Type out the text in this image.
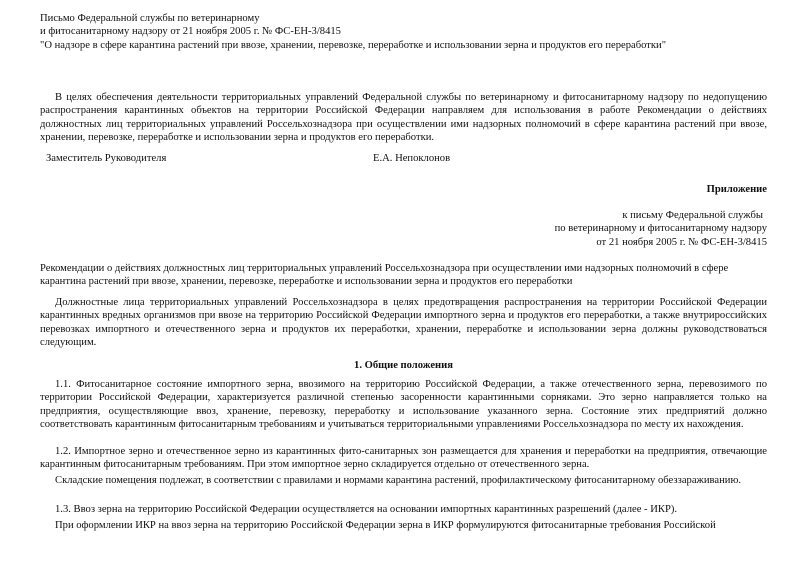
Письмо Федеральной службы по ветеринарному
и фитосанитарному надзору от 21 ноября 2005 г. № ФС-ЕН-3/8415
"О надзоре в сфере карантина растений при ввозе, хранении, перевозке, переработке и использовании зерна и продуктов его переработки"

В целях обеспечения деятельности территориальных управлений Федеральной службы по ветеринарному и фитосанитарному надзору по недопущению распространения карантинных объектов на территории Российской Федерации направляем для использования в работе Рекомендации о действиях должностных лиц территориальных управлений Россельхознадзора при осуществлении ими надзорных полномочий в сфере карантина растений при ввозе, хранении, перевозке, переработке и использовании зерна и продуктов его переработки.

Заместитель Руководителя	Е.А. Непоклонов
Приложение
к письму Федеральной службы
по ветеринарному и фитосанитарному надзору
от 21 ноября 2005 г. № ФС-ЕН-3/8415

Рекомендации о действиях должностных лиц территориальных управлений Россельхознадзора при осуществлении ими надзорных полномочий в сфере карантина растений при ввозе, хранении, перевозке, переработке и использовании зерна и продуктов его переработки

Должностные лица территориальных управлений Россельхознадзора в целях предотвращения распространения на территории Российской Федерации карантинных вредных организмов при ввозе на территорию Российской Федерации импортного зерна и продуктов его переработки, а также внутрироссийских перевозках импортного и отечественного зерна и продуктов их переработки, хранении, переработке и использовании зерна должны руководствоваться следующим.

1. Общие положения

1.1. Фитосанитарное состояние импортного зерна, ввозимого на территорию Российской Федерации, а также отечественного зерна, перевозимого по территории Российской Федерации, характеризуется различной степенью засоренности карантинными сорняками. Это зерно направляется только на предприятия, осуществляющие ввоз, хранение, перевозку, переработку и использование указанного зерна. Состояние этих предприятий должно соответствовать карантинным фитосанитарным требованиям и учитываться территориальными управлениями Россельхознадзора по месту их нахождения.

1.2. Импортное зерно и отечественное зерно из карантинных фито-санитарных зон размещается для хранения и переработки на предприятия, отвечающие карантинным фитосанитарным требованиям. При этом импортное зерно складируется отдельно от отечественного зерна.

Складские помещения подлежат, в соответствии с правилами и нормами карантина растений, профилактическому фитосанитарному обеззараживанию.

1.3. Ввоз зерна на территорию Российской Федерации осуществляется на основании импортных карантинных разрешений (далее - ИКР).

При оформлении ИКР на ввоз зерна на территорию Российской Федерации зерна в ИКР формулируются фитосанитарные требования Российской
